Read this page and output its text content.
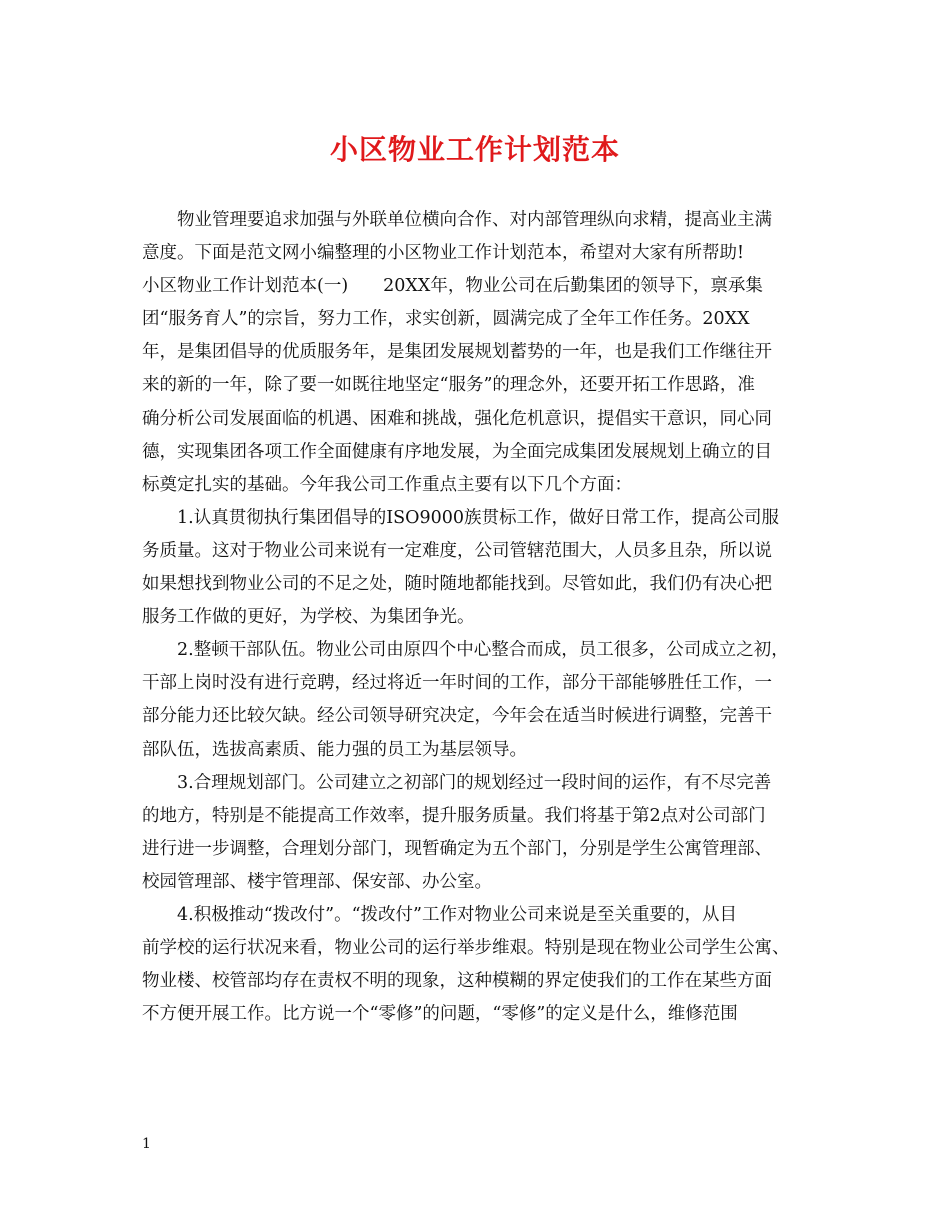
小区物业工作计划范本
物业管理要追求加强与外联单位横向合作、对内部管理纵向求精，提高业主满
意度。下面是范文网小编整理的小区物业工作计划范本，希望对大家有所帮助!
小区物业工作计划范本(一)　　20XX年，物业公司在后勤集团的领导下，禀承集
团“服务育人”的宗旨，努力工作，求实创新，圆满完成了全年工作任务。20XX
年，是集团倡导的优质服务年，是集团发展规划蓄势的一年，也是我们工作继往开
来的新的一年，除了要一如既往地坚定“服务”的理念外，还要开拓工作思路，准
确分析公司发展面临的机遇、困难和挑战，强化危机意识，提倡实干意识，同心同
德，实现集团各项工作全面健康有序地发展，为全面完成集团发展规划上确立的目
标奠定扎实的基础。今年我公司工作重点主要有以下几个方面：
1.认真贯彻执行集团倡导的ISO9000族贯标工作，做好日常工作，提高公司服
务质量。这对于物业公司来说有一定难度，公司管辖范围大，人员多且杂，所以说
如果想找到物业公司的不足之处，随时随地都能找到。尽管如此，我们仍有决心把
服务工作做的更好，为学校、为集团争光。
2.整顿干部队伍。物业公司由原四个中心整合而成，员工很多，公司成立之初，
干部上岗时没有进行竞聘，经过将近一年时间的工作，部分干部能够胜任工作，一
部分能力还比较欠缺。经公司领导研究决定，今年会在适当时候进行调整，完善干
部队伍，选拔高素质、能力强的员工为基层领导。
3.合理规划部门。公司建立之初部门的规划经过一段时间的运作，有不尽完善
的地方，特别是不能提高工作效率，提升服务质量。我们将基于第2点对公司部门
进行进一步调整，合理划分部门，现暂确定为五个部门，分别是学生公寓管理部、
校园管理部、楼宇管理部、保安部、办公室。
4.积极推动“拨改付”。“拨改付”工作对物业公司来说是至关重要的，从目
前学校的运行状况来看，物业公司的运行举步维艰。特别是现在物业公司学生公寓、
物业楼、校管部均存在责权不明的现象，这种模糊的界定使我们的工作在某些方面
不方便开展工作。比方说一个“零修”的问题，“零修”的定义是什么，维修范围
1
